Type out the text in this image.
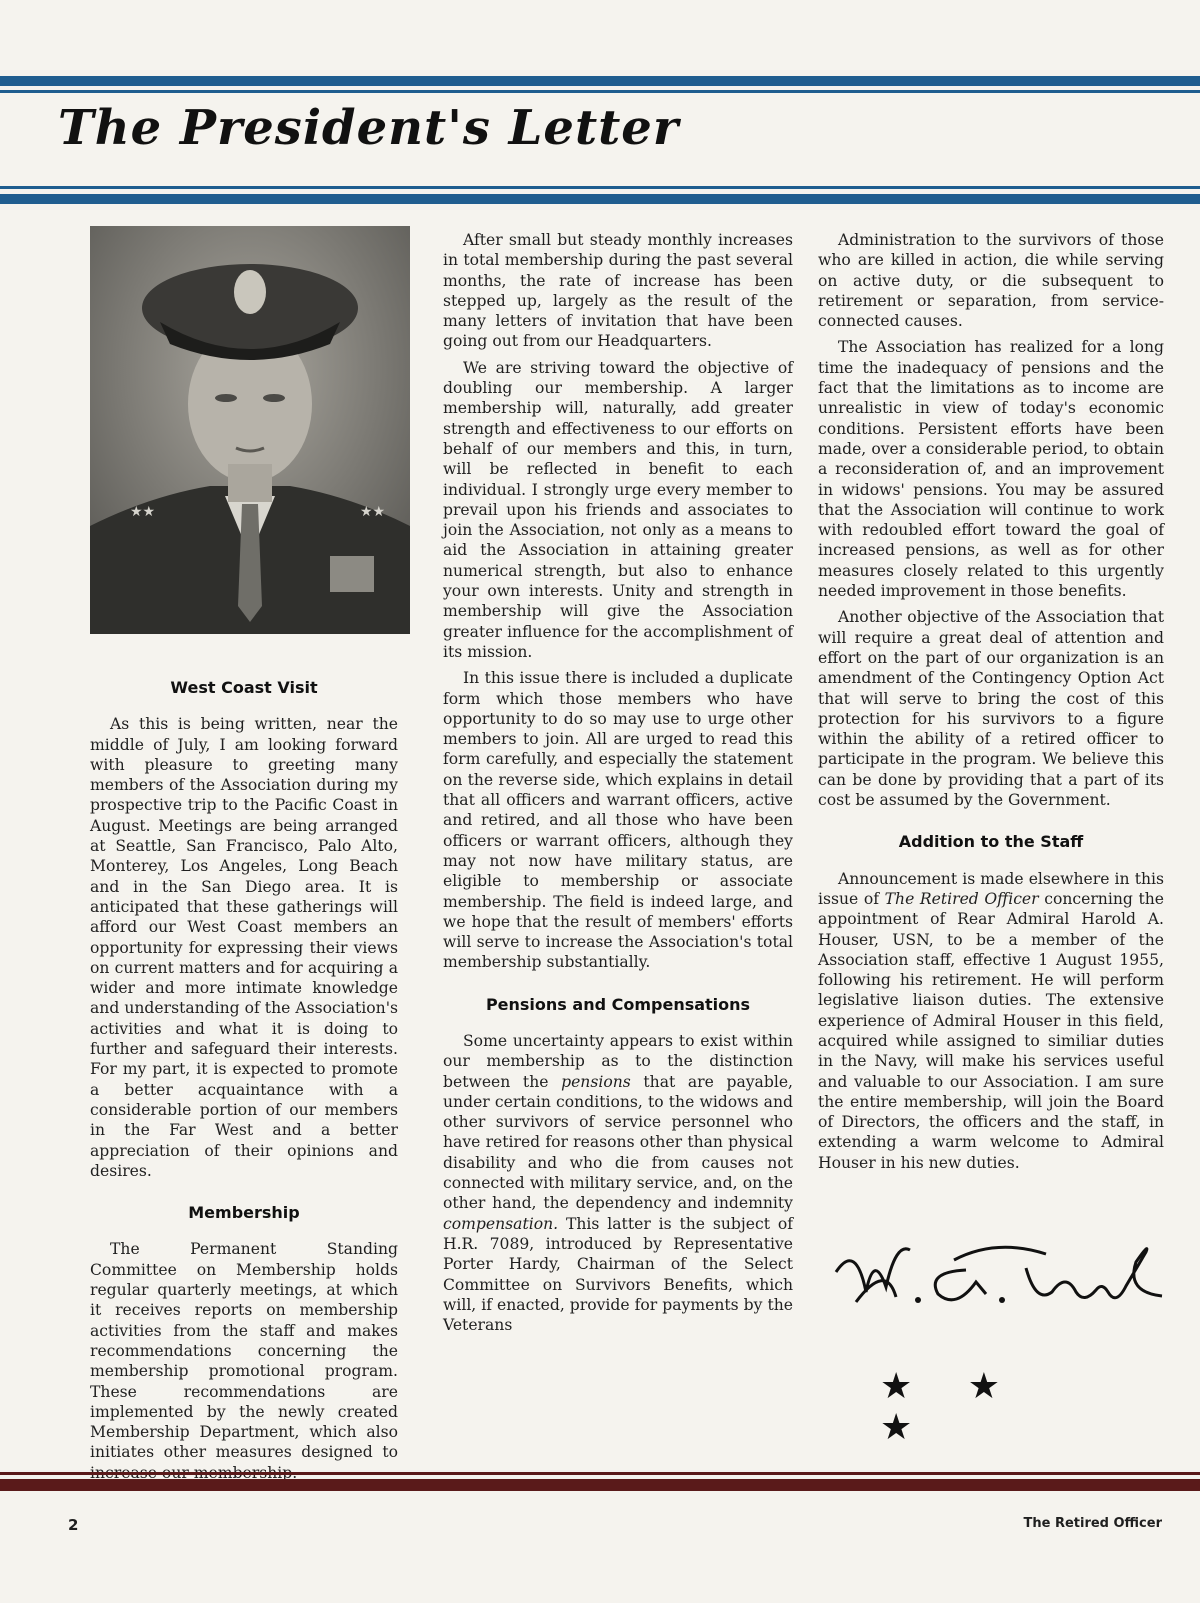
The President's Letter
★★	★★
West Coast Visit

As this is being written, near the middle of July, I am looking forward with pleasure to greeting many members of the Association during my prospective trip to the Pacific Coast in August. Meetings are being arranged at Seattle, San Francisco, Palo Alto, Monterey, Los Angeles, Long Beach and in the San Diego area. It is anticipated that these gatherings will afford our West Coast members an opportunity for expressing their views on current matters and for acquiring a wider and more intimate knowledge and understanding of the Association's activities and what it is doing to further and safeguard their interests. For my part, it is expected to promote a better acquaintance with a considerable portion of our members in the Far West and a better appreciation of their opinions and desires.

Membership

The Permanent Standing Committee on Membership holds regular quarterly meetings, at which it receives reports on membership activities from the staff and makes recommendations concerning the membership promotional program. These recommendations are implemented by the newly created Membership Department, which also initiates other measures designed to

After small but steady monthly increases in total membership during the past several months, the rate of increase has been stepped up, largely as the result of the many letters of invitation that have been going out from our Headquarters.

We are striving toward the objective of doubling our membership. A larger membership will, naturally, add greater strength and effectiveness to our efforts on behalf of our members and this, in turn, will be reflected in benefit to each individual. I strongly urge every member to prevail upon his friends and associates to join the Association, not only as a means to aid the Association in attaining greater numerical strength, but also to enhance your own interests. Unity and strength in membership will give the Association greater influence for the accomplishment of its mission.

In this issue there is included a duplicate form which those members who have opportunity to do so may use to urge other members to join. All are urged to read this form carefully, and especially the statement on the reverse side, which explains in detail that all officers and warrant officers, active and retired, and all those who have been officers or warrant officers, although they may not now have military status, are eligible to membership or associate membership. The field is indeed large, and we hope that the result of members' efforts will serve to increase the Association's total membership substantially.

Pensions and Compensations

Some uncertainty appears to exist within our membership as to the distinction between the pensions that are payable, under certain conditions, to the widows and other survivors of service personnel who have retired for reasons other than physical disability and who die from causes not connected with military service, and, on the other hand, the dependency and indemnity compensation. This latter is the subject of H.R. 7089, introduced by Representative Porter Hardy, Chairman of the Select Committee on Survivors Benefits, which will, if enacted, provide for payments by the Veterans

Administration to the survivors of those who are killed in action, die while serving on active duty, or die subsequent to retirement or separation, from service-connected causes.

The Association has realized for a long time the inadequacy of pensions and the fact that the limitations as to income are unrealistic in view of today's economic conditions. Persistent efforts have been made, over a considerable period, to obtain a reconsideration of, and an improvement in widows' pensions. You may be assured that the Association will continue to work with redoubled effort toward the goal of increased pensions, as well as for other measures closely related to this urgently needed improvement in those benefits.

Another objective of the Association that will require a great deal of attention and effort on the part of our organization is an amendment of the Contingency Option Act that will serve to bring the cost of this protection for his survivors to a figure within the ability of a retired officer to participate in the program. We believe this can be done by providing that a part of its cost be assumed by the Government.

Addition to the Staff

Announcement is made elsewhere in this issue of The Retired Officer concerning the appointment of Rear Admiral Harold A. Houser, USN, to be a member of the Association staff, effective 1 August 1955, following his retirement. He will perform legislative liaison duties. The extensive experience of Admiral Houser in this field, acquired while assigned to similiar duties in the Navy, will make his services useful and valuable to our Association. I am sure the entire membership, will join the Board of Directors, the officers and the staff, in extending a warm welcome to Admiral Houser in his new duties.

★ ★ ★
2	The Retired Officer
